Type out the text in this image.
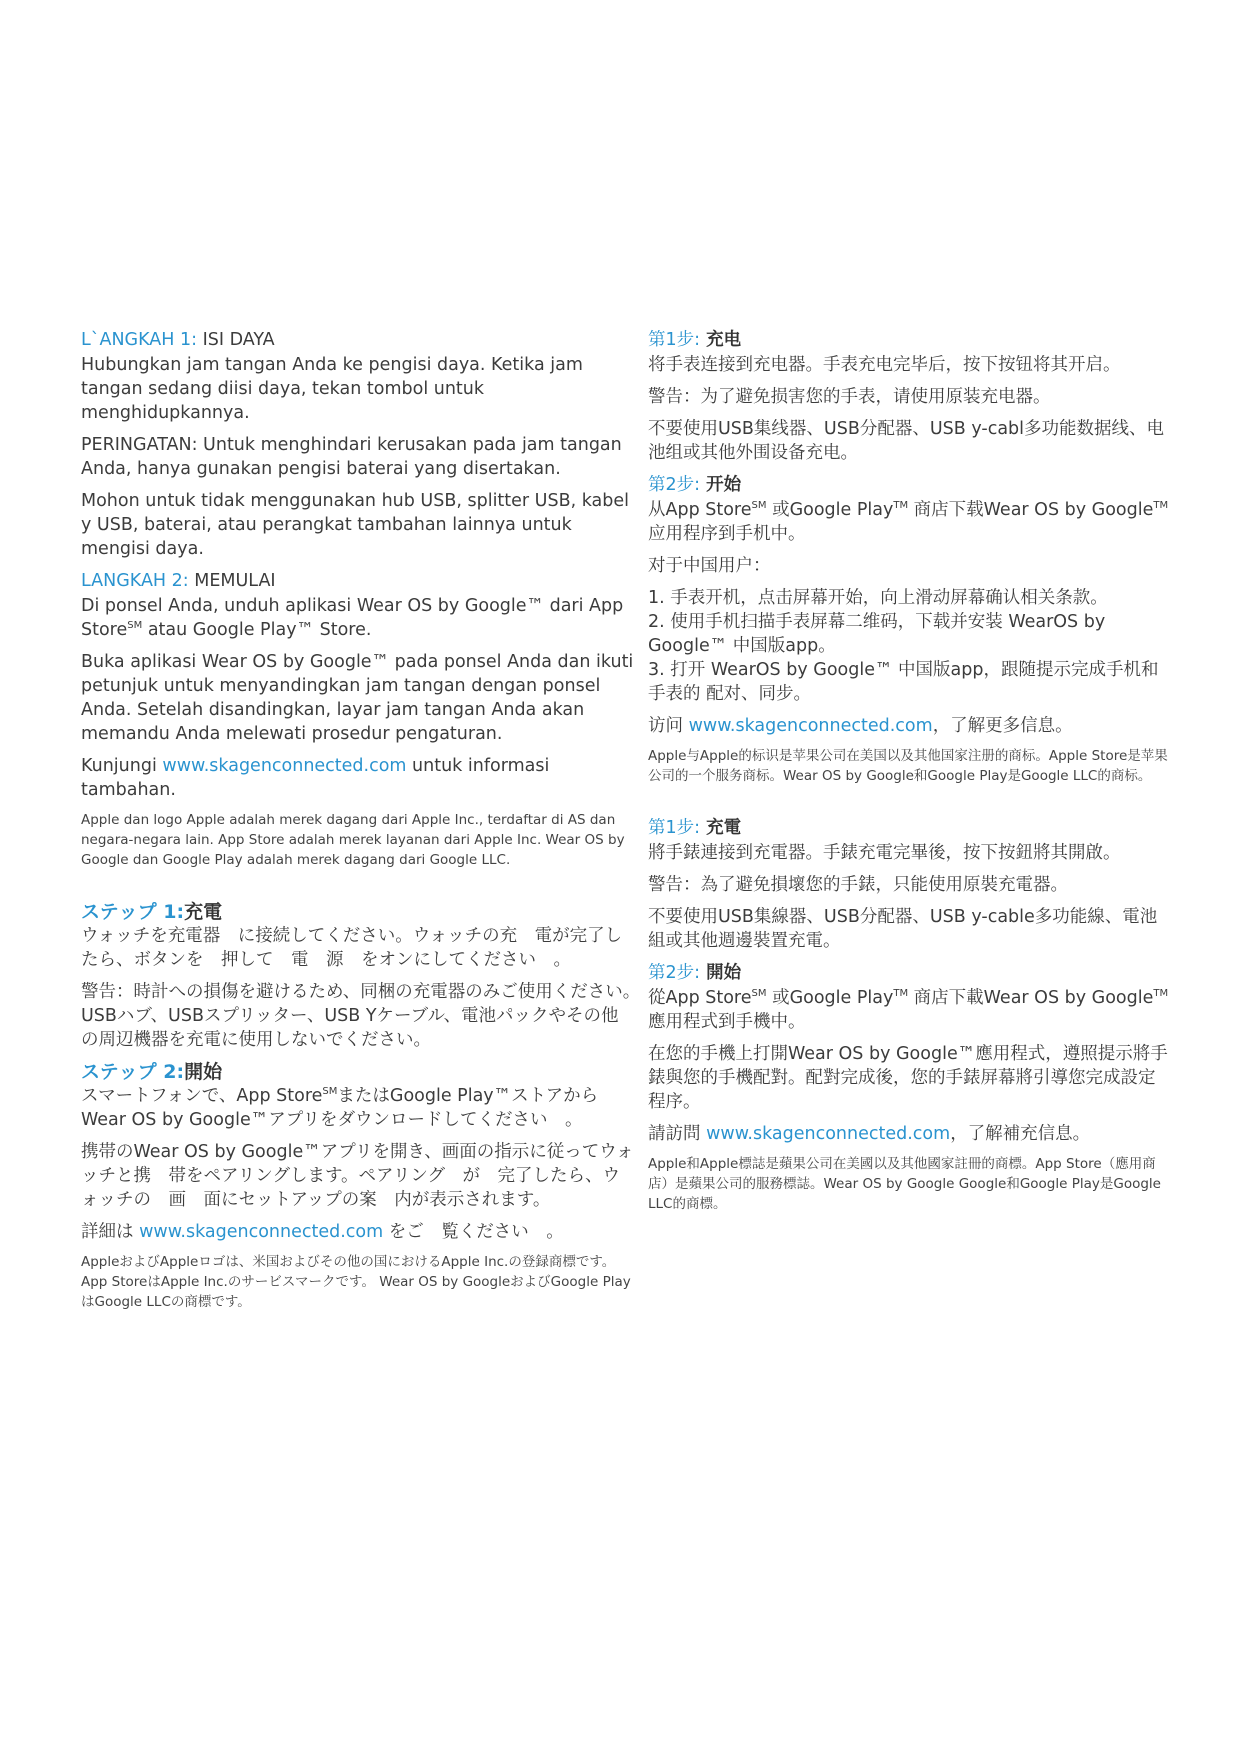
L`ANGKAH 1: ISI DAYA

Hubungkan jam tangan Anda ke pengisi daya. Ketika jam tangan sedang diisi daya, tekan tombol untuk menghidupkannya.

PERINGATAN: Untuk menghindari kerusakan pada jam tangan Anda, hanya gunakan pengisi baterai yang disertakan.

Mohon untuk tidak menggunakan hub USB, splitter USB, kabel y USB, baterai, atau perangkat tambahan lainnya untuk mengisi daya.

LANGKAH 2: MEMULAI

Di ponsel Anda, unduh aplikasi Wear OS by Google™ dari App Store℠ atau Google Play™ Store.

Buka aplikasi Wear OS by Google™ pada ponsel Anda dan ikuti petunjuk untuk menyandingkan jam tangan dengan ponsel Anda. Setelah disandingkan, layar jam tangan Anda akan memandu Anda melewati prosedur pengaturan.

Kunjungi www.skagenconnected.com untuk informasi tambahan.

Apple dan logo Apple adalah merek dagang dari Apple Inc., terdaftar di AS dan negara-negara lain. App Store adalah merek layanan dari Apple Inc. Wear OS by Google dan Google Play adalah merek dagang dari Google LLC.

ステップ 1:充電

ウォッチを充電器　に接続してください。ウォッチの充　電が完了したら、ボタンを　押して　電　源　をオンにしてください　。

警告：時計への損傷を避けるため、同梱の充電器のみご使用ください。　 USBハブ、USBスプリッター、USB Yケーブル、電池パックやその他の周辺機器を充電に使用しないでください。

ステップ 2:開始

スマートフォンで、App Store℠またはGoogle Play™ストアからWear OS by Google™アプリをダウンロードしてください　。

携帯のWear OS by Google™アプリを開き、画面の指示に従ってウォッチと携　帯をペアリングします。ペアリング　が　完了したら、ウォッチの　画　面にセットアップの案　内が表示されます。

詳細は www.skagenconnected.com をご　覧ください　。

AppleおよびAppleロゴは、米国およびその他の国におけるApple Inc.の登録商標です。App StoreはApple Inc.のサービスマークです。 Wear OS by GoogleおよびGoogle PlayはGoogle LLCの商標です。

第1步: 充电

将手表连接到充电器。手表充电完毕后，按下按钮将其开启。

警告：为了避免损害您的手表，请使用原装充电器。

不要使用USB集线器、USB分配器、USB y-cabl多功能数据线、电池组或其他外围设备充电。

第2步: 开始

从App Store℠ 或Google Play™ 商店下载Wear OS by Google™应用程序到手机中。

对于中国用户：

1. 手表开机，点击屏幕开始，向上滑动屏幕确认相关条款。

2. 使用手机扫描手表屏幕二维码，下载并安装 WearOS by Google™ 中国版app。

3. 打开 WearOS by Google™ 中国版app，跟随提示完成手机和手表的 配对、同步。

访问 www.skagenconnected.com，了解更多信息。

Apple与Apple的标识是苹果公司在美国以及其他国家注册的商标。Apple Store是苹果公司的一个服务商标。Wear OS by Google和Google Play是Google LLC的商标。

第1步: 充電

將手錶連接到充電器。手錶充電完畢後，按下按鈕將其開啟。

警告：為了避免損壞您的手錶，只能使用原裝充電器。

不要使用USB集線器、USB分配器、USB y-cable多功能線、電池組或其他週邊裝置充電。

第2步: 開始

從App Store℠ 或Google Play™ 商店下載Wear OS by Google™應用程式到手機中。

在您的手機上打開Wear OS by Google™應用程式，遵照提示將手錶與您的手機配對。配對完成後，您的手錶屏幕將引導您完成設定程序。

請訪問 www.skagenconnected.com，了解補充信息。

Apple和Apple標誌是蘋果公司在美國以及其他國家註冊的商標。App Store（應用商店）是蘋果公司的服務標誌。Wear OS by Google Google和Google Play是Google LLC的商標。
